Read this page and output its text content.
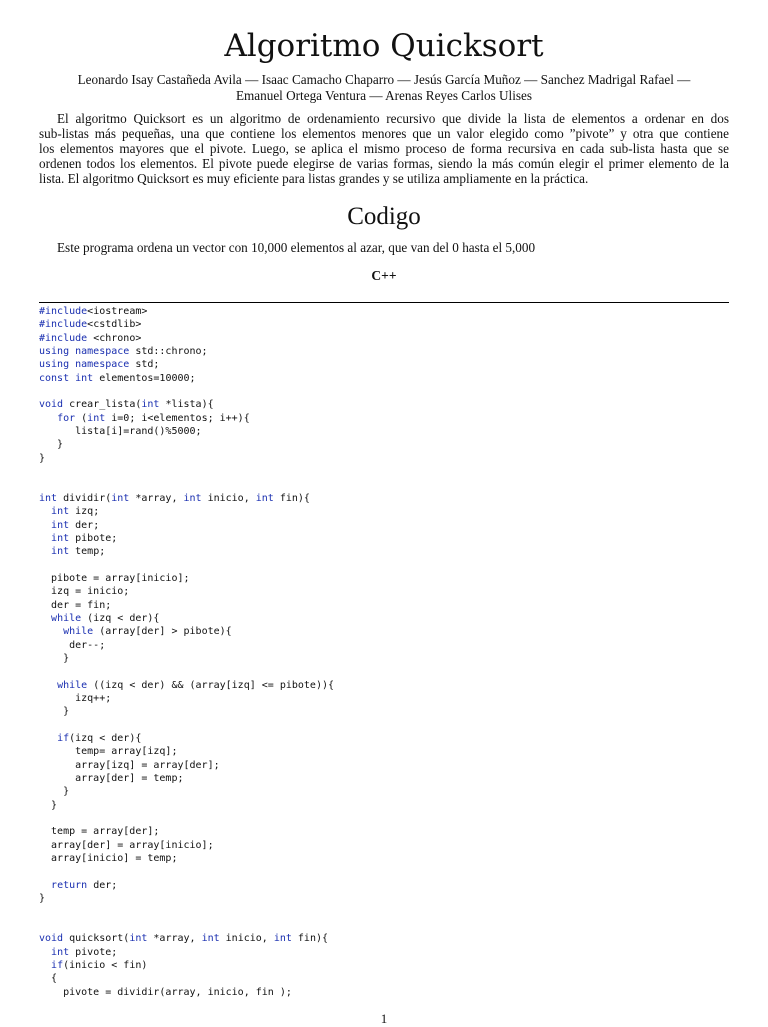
Algoritmo Quicksort
Leonardo Isay Castañeda Avila — Isaac Camacho Chaparro — Jesús García Muñoz — Sanchez Madrigal Rafael —
Emanuel Ortega Ventura — Arenas Reyes Carlos Ulises
El algoritmo Quicksort es un algoritmo de ordenamiento recursivo que divide la lista de elementos a ordenar en dos
sub-listas más pequeñas, una que contiene los elementos menores que un valor elegido como ”pivote” y otra que contiene
los elementos mayores que el pivote. Luego, se aplica el mismo proceso de forma recursiva en cada sub-lista hasta que se
ordenen todos los elementos. El pivote puede elegirse de varias formas, siendo la más común elegir el primer elemento de la
lista. El algoritmo Quicksort es muy eficiente para listas grandes y se utiliza ampliamente en la práctica.
Codigo
Este programa ordena un vector con 10,000 elementos al azar, que van del 0 hasta el 5,000
C++
#include<iostream>
#include<cstdlib>
#include <chrono>
using namespace std::chrono;
using namespace std;
const int elementos=10000;

void crear_lista(int *lista){
for (int i=0; i<elementos; i++){
lista[i]=rand()%5000;
}
}

int dividir(int *array, int inicio, int fin){
int izq;
int der;
int pibote;
int temp;

pibote = array[inicio];
izq = inicio;
der = fin;
while (izq < der){
while (array[der] > pibote){
der--;
}

while ((izq < der) && (array[izq] <= pibote)){
izq++;
}

if(izq < der){
temp= array[izq];
array[izq] = array[der];
array[der] = temp;
}
}

temp = array[der];
array[der] = array[inicio];
array[inicio] = temp;

return der;
}

void quicksort(int *array, int inicio, int fin){
int pivote;
if(inicio < fin)
{
pivote = dividir(array, inicio, fin );
1
